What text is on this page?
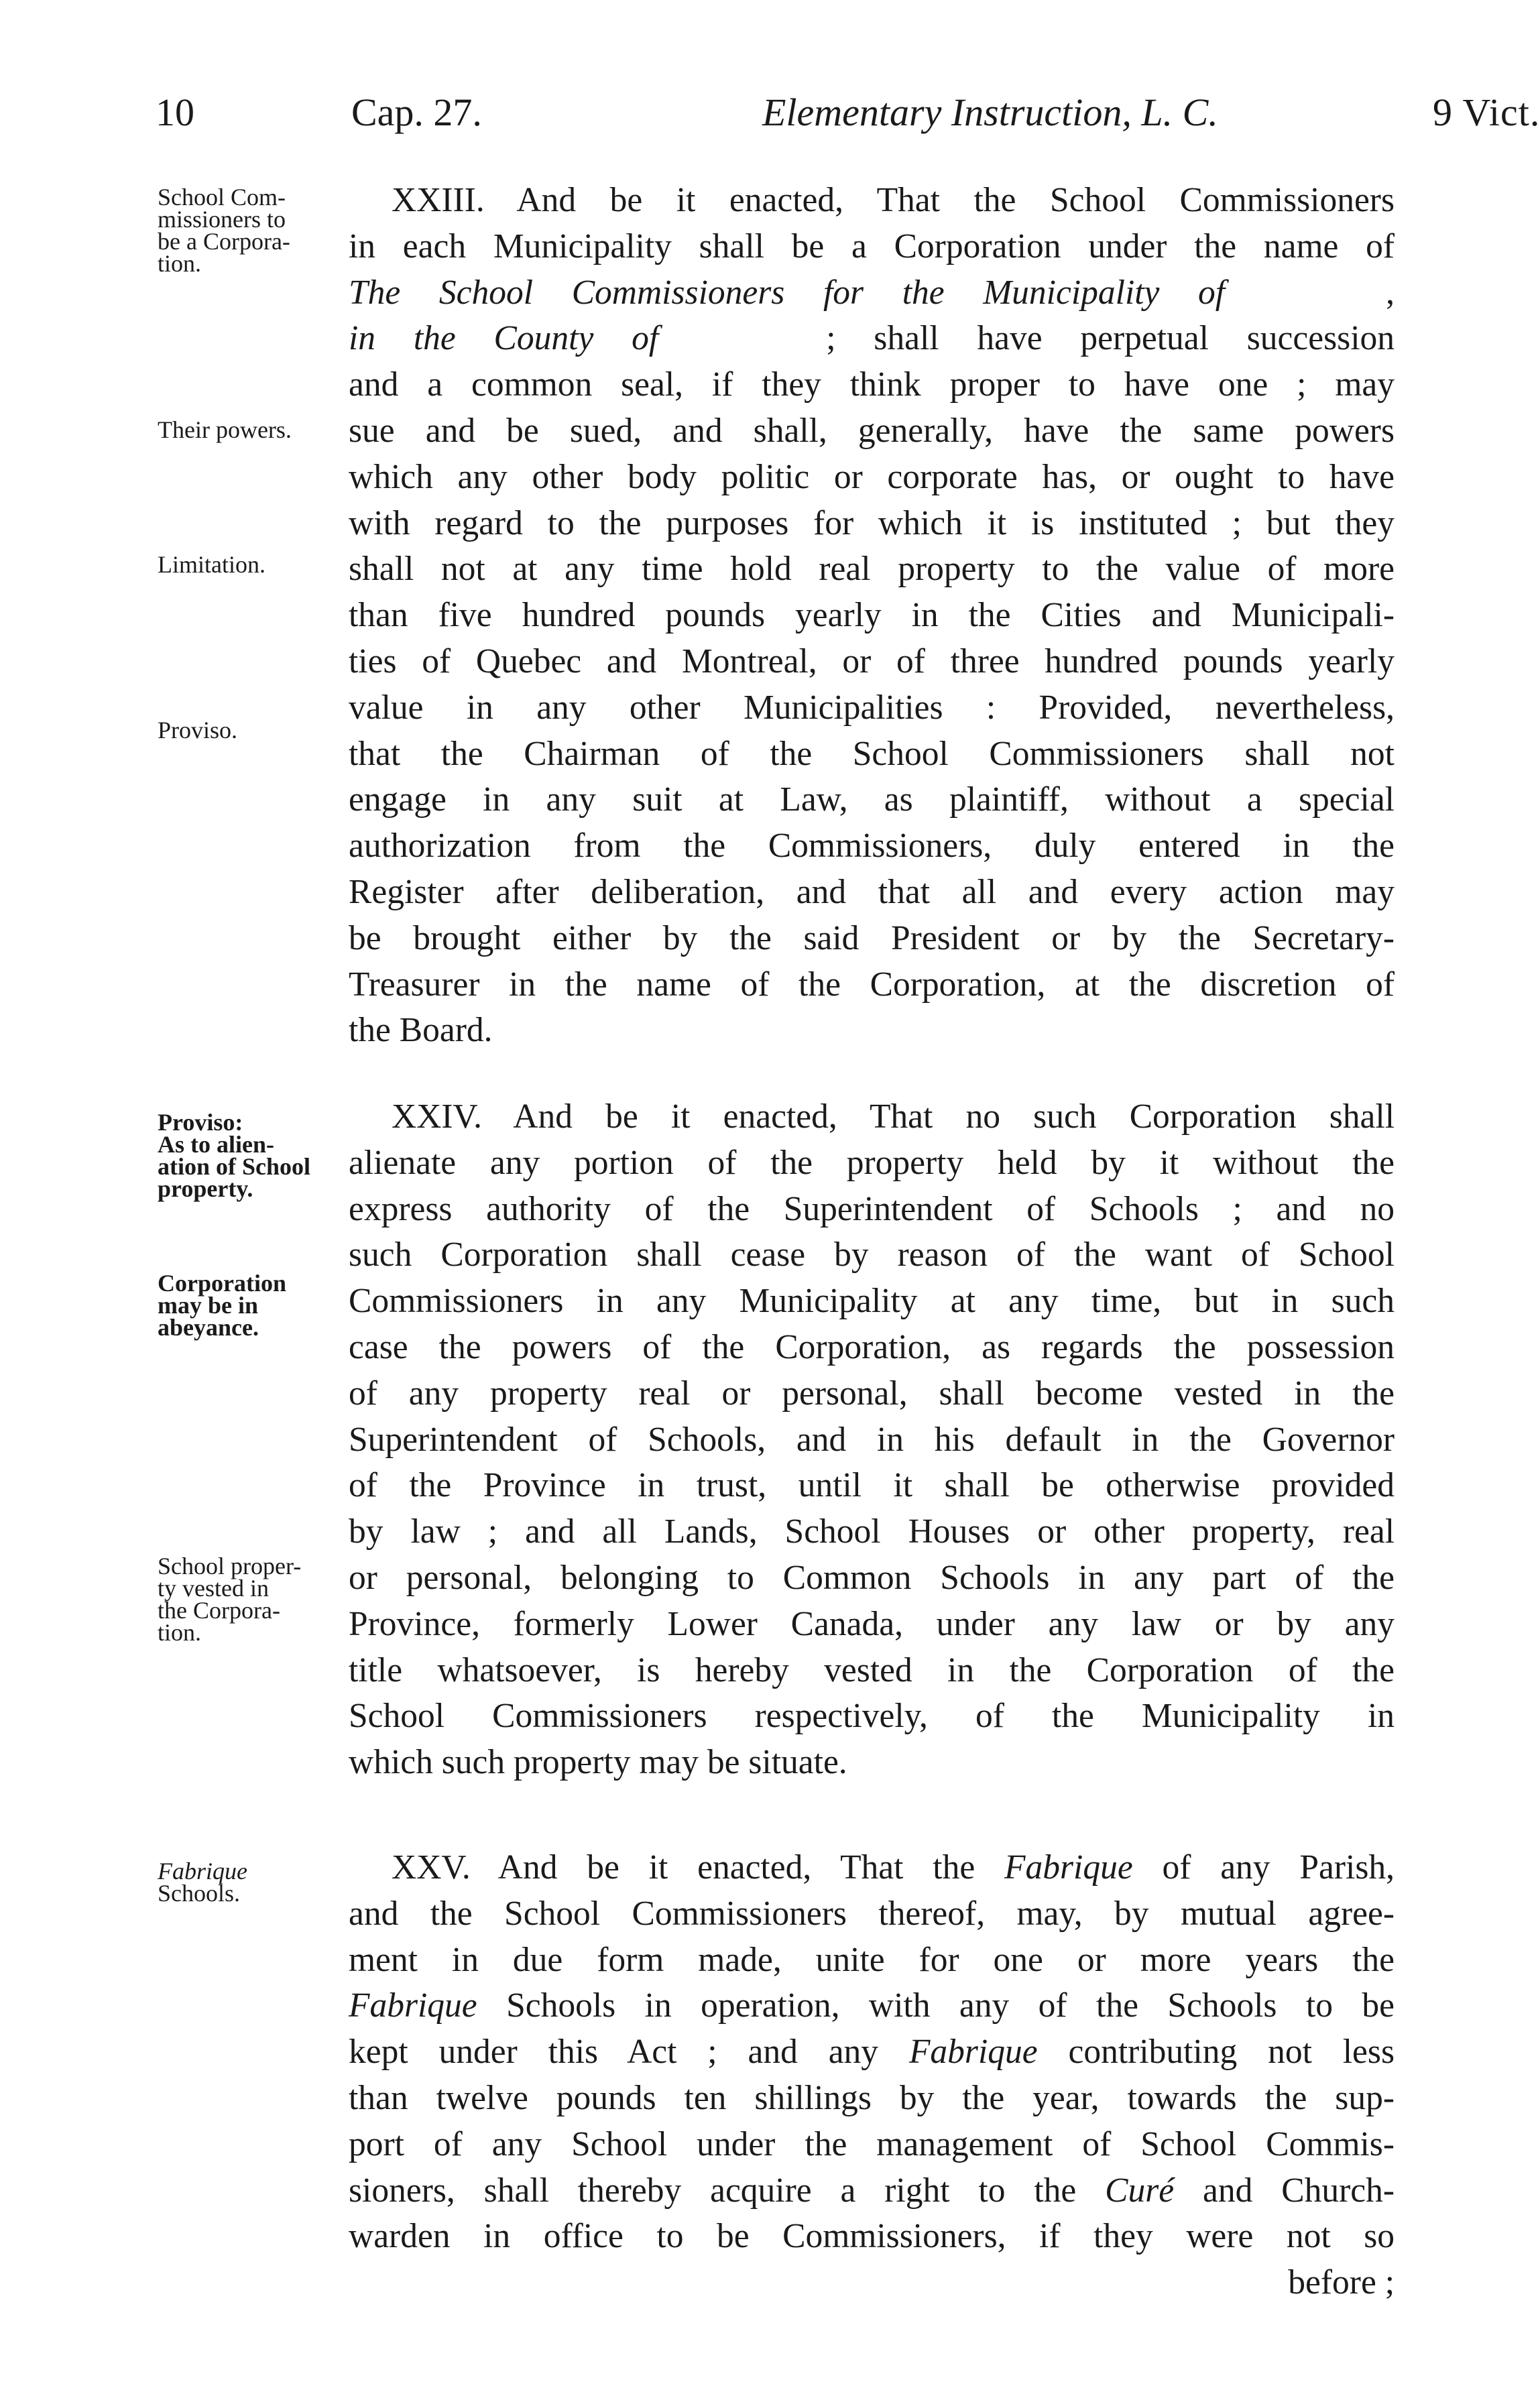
10	Cap. 27.	Elementary Instruction, L. C.	9 Vict.
School Com-
missioners to
be a Corpora-
tion.
Their powers.
Limitation.
Proviso.
Proviso:
As to alien-
ation of School
property.
Corporation
may be in
abeyance.
School proper-
ty vested in
the Corpora-
tion.
Fabrique
Schools.
XXIII. And be it enacted, That the School Commissioners
in each Municipality shall be a Corporation under the name of
The School Commissioners for the Municipality of	,
in the County of	; shall have perpetual succession
and a common seal, if they think proper to have one ; may
sue and be sued, and shall, generally, have the same powers
which any other body politic or corporate has, or ought to have
with regard to the purposes for which it is instituted ; but they
shall not at any time hold real property to the value of more
than five hundred pounds yearly in the Cities and Municipali-
ties of Quebec and Montreal, or of three hundred pounds yearly
value in any other Municipalities : Provided, nevertheless,
that the Chairman of the School Commissioners shall not
engage in any suit at Law, as plaintiff, without a special
authorization from the Commissioners, duly entered in the
Register after deliberation, and that all and every action may
be brought either by the said President or by the Secretary-
Treasurer in the name of the Corporation, at the discretion of
the Board.
XXIV. And be it enacted, That no such Corporation shall
alienate any portion of the property held by it without the
express authority of the Superintendent of Schools ; and no
such Corporation shall cease by reason of the want of School
Commissioners in any Municipality at any time, but in such
case the powers of the Corporation, as regards the possession
of any property real or personal, shall become vested in the
Superintendent of Schools, and in his default in the Governor
of the Province in trust, until it shall be otherwise provided
by law ; and all Lands, School Houses or other property, real
or personal, belonging to Common Schools in any part of the
Province, formerly Lower Canada, under any law or by any
title whatsoever, is hereby vested in the Corporation of the
School Commissioners respectively, of the Municipality in
which such property may be situate.
XXV. And be it enacted, That the Fabrique of any Parish,
and the School Commissioners thereof, may, by mutual agree-
ment in due form made, unite for one or more years the
Fabrique Schools in operation, with any of the Schools to be
kept under this Act ; and any Fabrique contributing not less
than twelve pounds ten shillings by the year, towards the sup-
port of any School under the management of School Commis-
sioners, shall thereby acquire a right to the Curé and Church-
warden in office to be Commissioners, if they were not so
before ;
